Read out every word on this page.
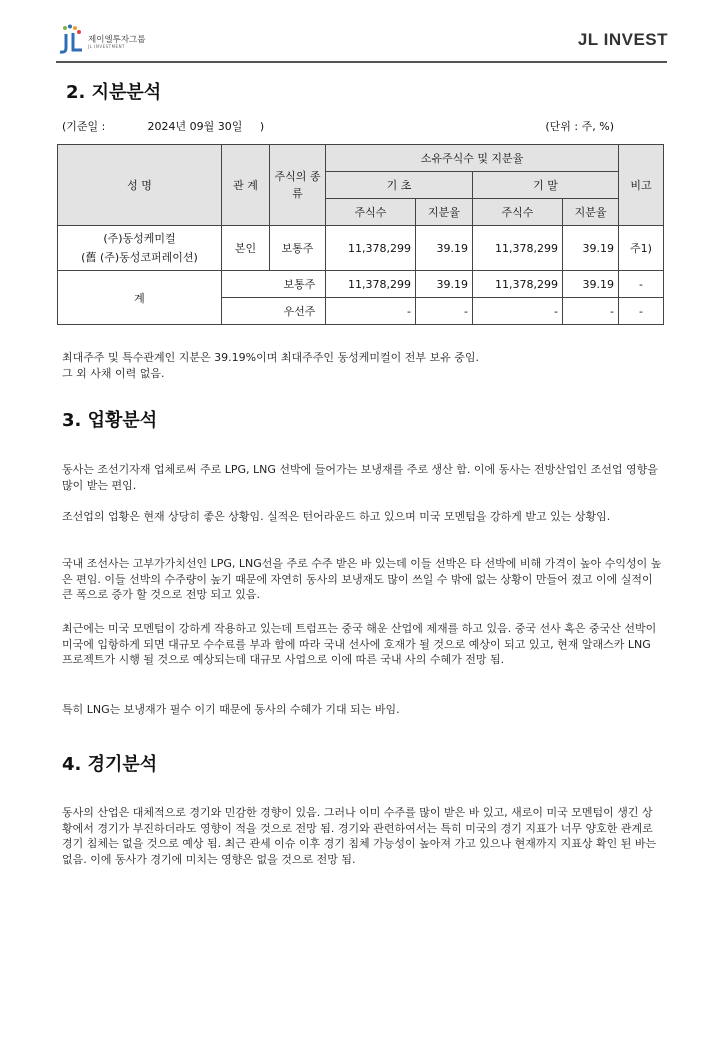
제이엘투자그룹
JL INVESTMENT	JL INVEST
2. 지분분석
(기준일 :	2024년 09월 30일 )	(단위 : 주, %)
성 명	관 계	주식의 종류	소유주식수 및 지분율				비고
			기 초		기 말		
			주식수	지분율	주식수	지분율	

(주)동성케미컬
(舊 (주)동성코퍼레이션)	본인	보통주	11,378,299	39.19	11,378,299	39.19	주1)
계	보통주		11,378,299	39.19	11,378,299	39.19	-
	우선주		-	-	-	-	-
최대주주 및 특수관계인 지분은 39.19%이며 최대주주인 동성케미컬이 전부 보유 중임.
그 외 사채 이력 없음.
3. 업황분석
동사는 조선기자재 업체로써 주로 LPG, LNG 선박에 들어가는 보냉재를 주로 생산 함. 이에 동사는 전방산업인 조선업 영향을 많이 받는 편임.
조선업의 업황은 현재 상당히 좋은 상황임. 실적은 턴어라운드 하고 있으며 미국 모멘텀을 강하게 받고 있는 상황임.
국내 조선사는 고부가가치선인 LPG, LNG선을 주로 수주 받은 바 있는데 이들 선박은 타 선박에 비해 가격이 높아 수익성이 높은 편임. 이들 선박의 수주량이 높기 때문에 자연히 동사의 보냉재도 많이 쓰일 수 밖에 없는 상황이 만들어 졌고 이에 실적이 큰 폭으로 증가 할 것으로 전망 되고 있음.
최근에는 미국 모멘텀이 강하게 작용하고 있는데 트럼프는 중국 해운 산업에 제재를 하고 있음. 중국 선사 혹은 중국산 선박이 미국에 입항하게 되면 대규모 수수료를 부과 함에 따라 국내 선사에 호재가 될 것으로 예상이 되고 있고, 현재 알래스카 LNG 프로젝트가 시행 될 것으로 예상되는데 대규모 사업으로 이에 따른 국내 사의 수혜가 전망 됨.
특히 LNG는 보냉재가 필수 이기 때문에 동사의 수혜가 기대 되는 바임.
4. 경기분석
동사의 산업은 대체적으로 경기와 민감한 경향이 있음. 그러나 이미 수주를 많이 받은 바 있고, 새로이 미국 모멘텀이 생긴 상황에서 경기가 부진하더라도 영향이 적을 것으로 전망 됨. 경기와 관련하여서는 특히 미국의 경기 지표가 너무 양호한 관계로 경기 침체는 없을 것으로 예상 됨. 최근 관세 이슈 이후 경기 침체 가능성이 높아져 가고 있으나 현재까지 지표상 확인 된 바는 없음. 이에 동사가 경기에 미치는 영향은 없을 것으로 전망 됨.
